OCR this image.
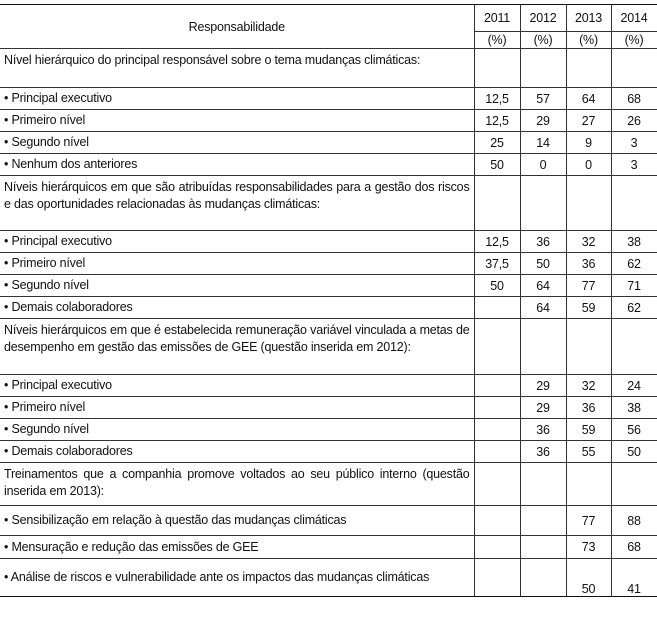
Responsabilidade	2011	2012	2013	2014
	(%)	(%)	(%)	(%)
Nível hierárquico do principal responsável sobre o tema mudanças climáticas:				
• Principal executivo	12,5	57	64	68
• Primeiro nível	12,5	29	27	26
• Segundo nível	25	14	9	3
• Nenhum dos anteriores	50	0	0	3
Níveis hierárquicos em que são atribuídas responsabilidades para a gestão dos riscos e das oportunidades relacionadas às mudanças climáticas:				
• Principal executivo	12,5	36	32	38
• Primeiro nível	37,5	50	36	62
• Segundo nível	50	64	77	71
• Demais colaboradores		64	59	62
Níveis hierárquicos em que é estabelecida remuneração variável vinculada a metas de desempenho em gestão das emissões de GEE (questão inserida em 2012):				
• Principal executivo		29	32	24
• Primeiro nível		29	36	38
• Segundo nível		36	59	56
• Demais colaboradores		36	55	50
Treinamentos que a companhia promove voltados ao seu público interno (questão inserida em 2013):				
• Sensibilização em relação à questão das mudanças climáticas			77	88
• Mensuração e redução das emissões de GEE			73	68
• Análise de riscos e vulnerabilidade ante os impactos das mudanças climáticas			50	41
